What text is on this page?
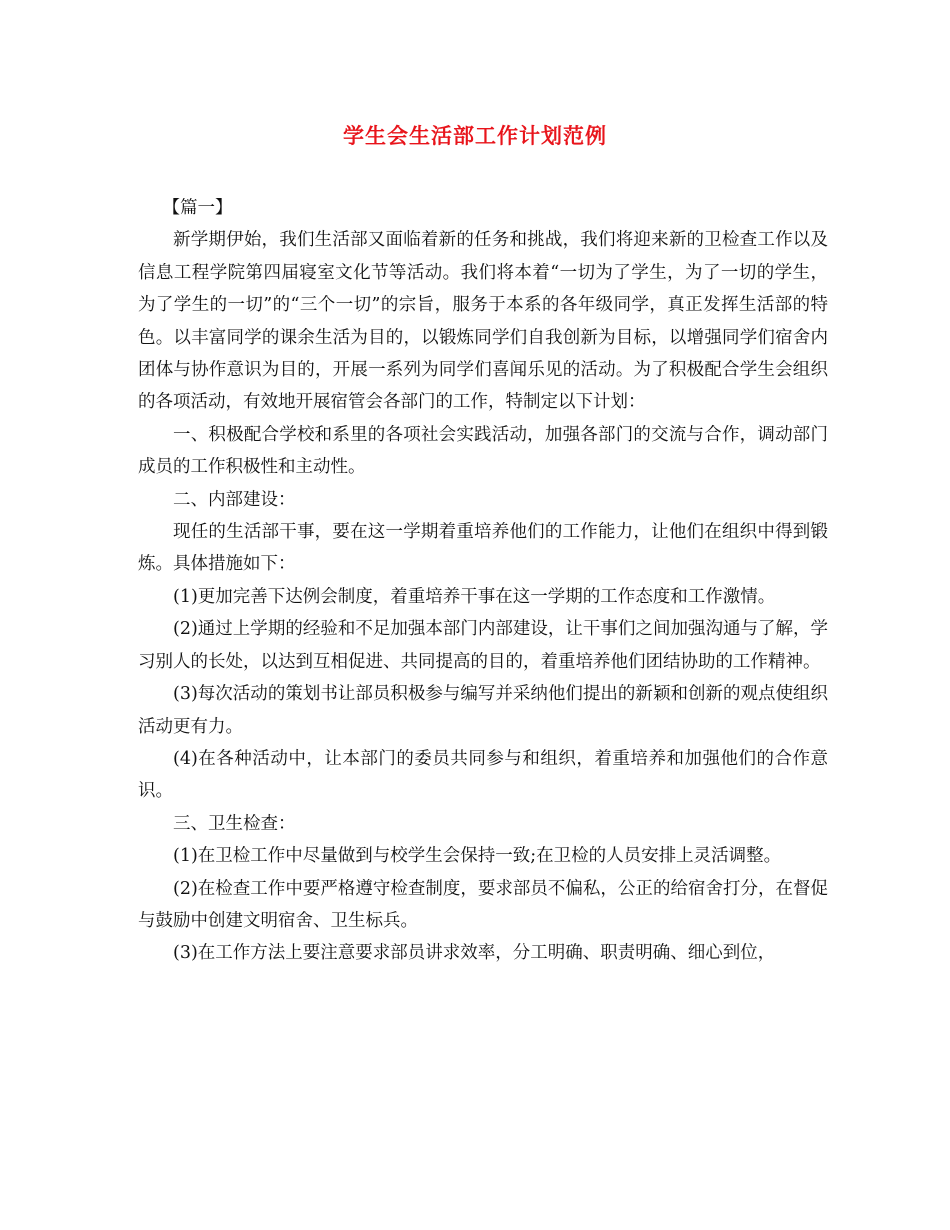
学生会生活部工作计划范例

【篇一】

新学期伊始，我们生活部又面临着新的任务和挑战，我们将迎来新的卫检查工作以及信息工程学院第四届寝室文化节等活动。我们将本着“一切为了学生，为了一切的学生，为了学生的一切”的“三个一切”的宗旨，服务于本系的各年级同学，真正发挥生活部的特色。以丰富同学的课余生活为目的，以锻炼同学们自我创新为目标，以增强同学们宿舍内团体与协作意识为目的，开展一系列为同学们喜闻乐见的活动。为了积极配合学生会组织的各项活动，有效地开展宿管会各部门的工作，特制定以下计划：

一、积极配合学校和系里的各项社会实践活动，加强各部门的交流与合作，调动部门成员的工作积极性和主动性。

二、内部建设：

现任的生活部干事，要在这一学期着重培养他们的工作能力，让他们在组织中得到锻炼。具体措施如下：

(1)更加完善下达例会制度，着重培养干事在这一学期的工作态度和工作激情。

(2)通过上学期的经验和不足加强本部门内部建设，让干事们之间加强沟通与了解，学习别人的长处，以达到互相促进、共同提高的目的，着重培养他们团结协助的工作精神。

(3)每次活动的策划书让部员积极参与编写并采纳他们提出的新颖和创新的观点使组织活动更有力。

(4)在各种活动中，让本部门的委员共同参与和组织，着重培养和加强他们的合作意识。

三、卫生检查：

(1)在卫检工作中尽量做到与校学生会保持一致;在卫检的人员安排上灵活调整。

(2)在检查工作中要严格遵守检查制度，要求部员不偏私，公正的给宿舍打分，在督促与鼓励中创建文明宿舍、卫生标兵。

(3)在工作方法上要注意要求部员讲求效率，分工明确、职责明确、细心到位，
